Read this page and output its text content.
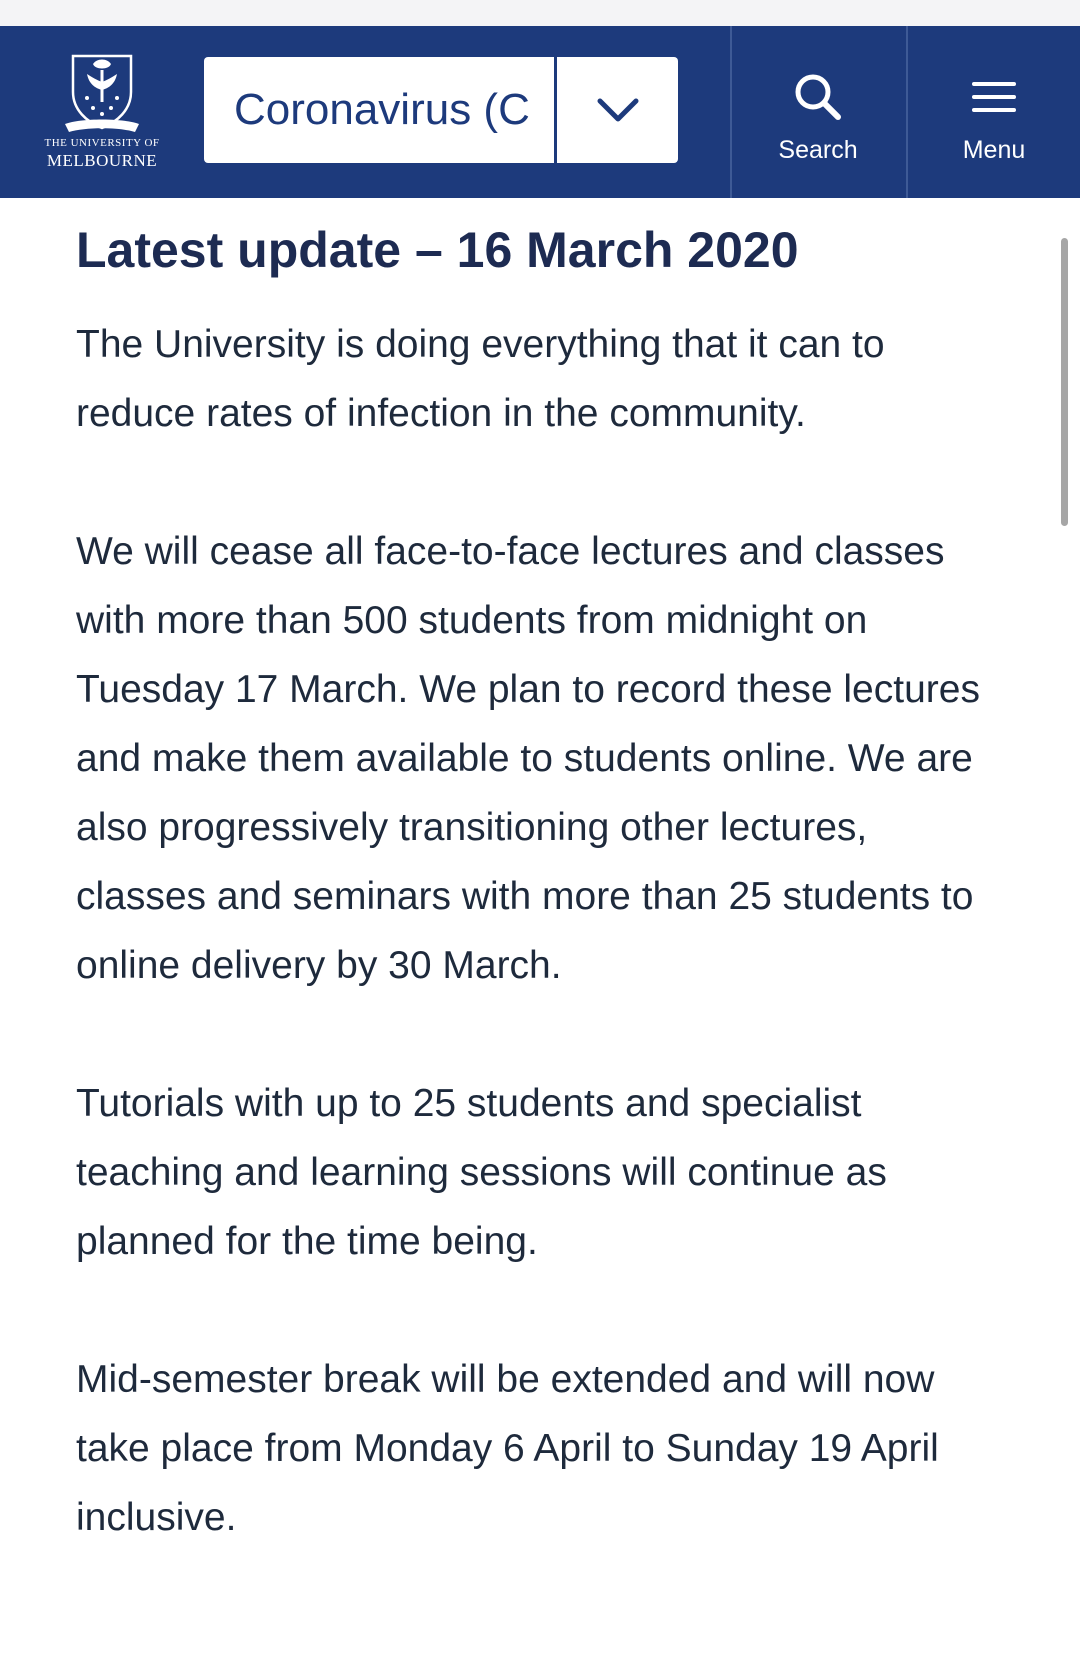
THE UNIVERSITY OF
MELBOURNE
Coronavirus (C
Search	Menu
Latest update – 16 March 2020

The University is doing everything that it can to reduce rates of infection in the community.

We will cease all face-to-face lectures and classes with more than 500 students from midnight on Tuesday 17 March. We plan to record these lectures and make them available to students online. We are also progressively transitioning other lectures, classes and seminars with more than 25 students to online delivery by 30 March.

Tutorials with up to 25 students and specialist teaching and learning sessions will continue as planned for the time being.

Mid-semester break will be extended and will now take place from Monday 6 April to Sunday 19 April inclusive.
